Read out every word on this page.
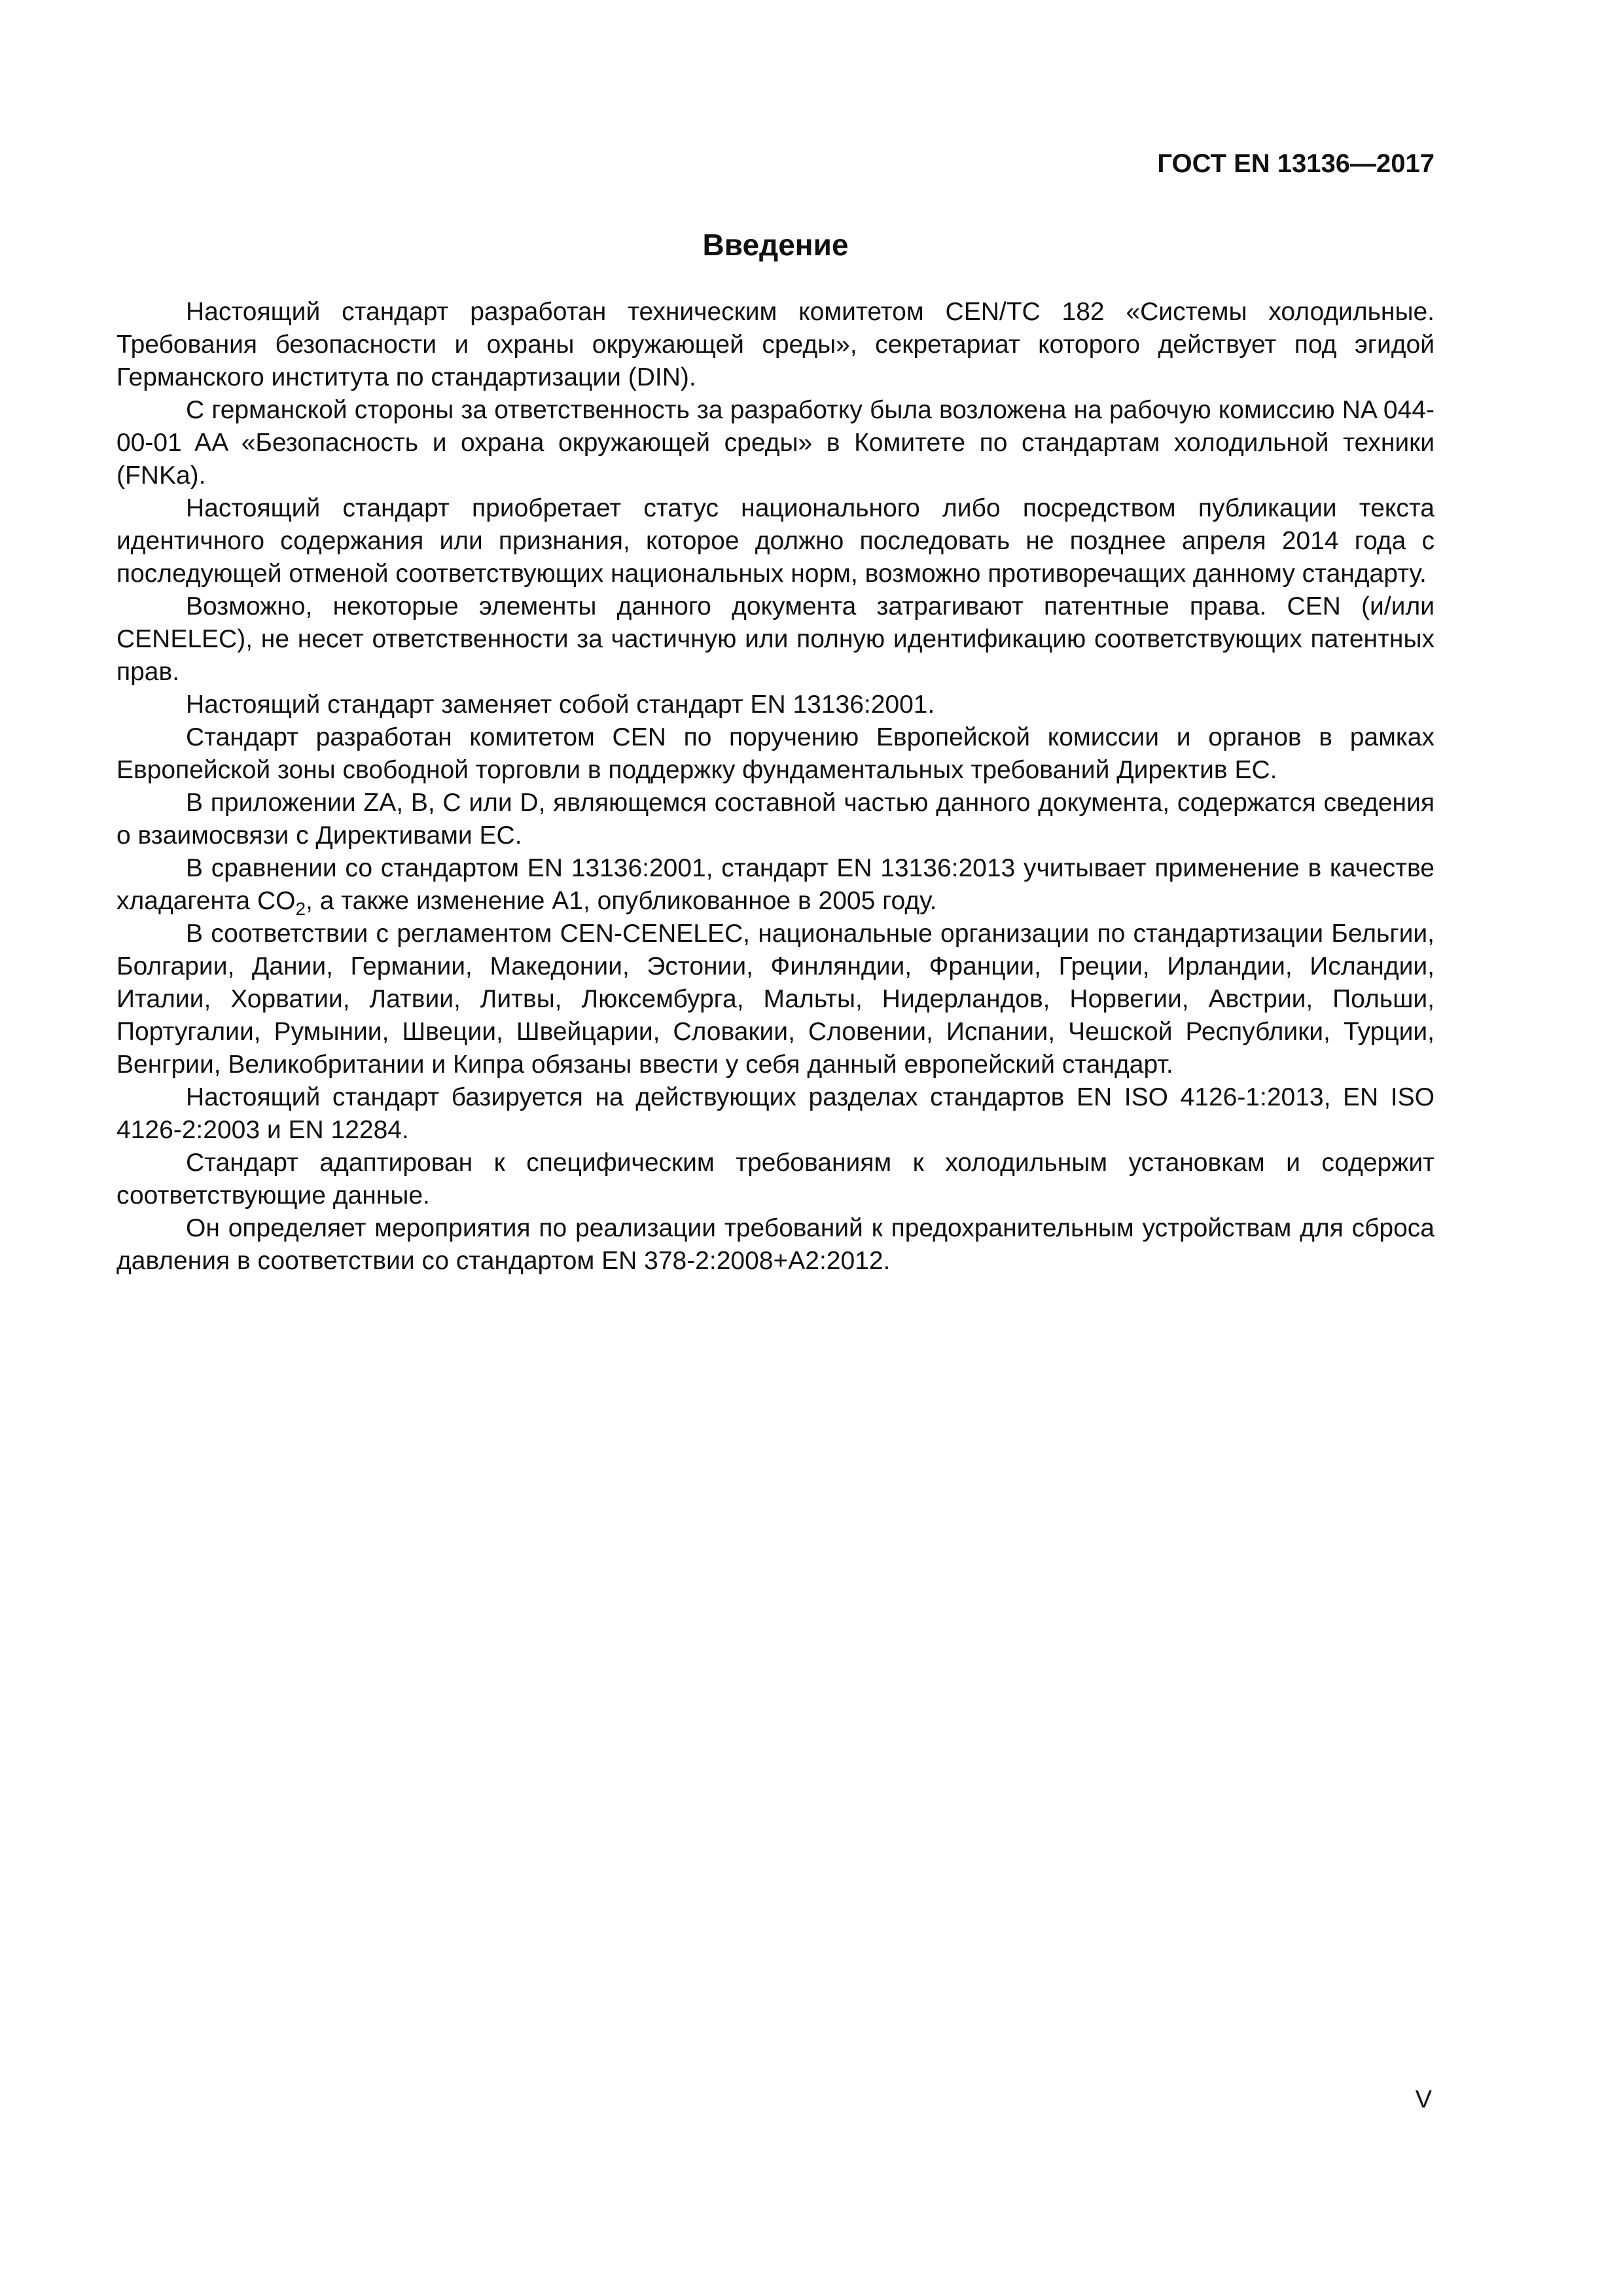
ГОСТ EN 13136—2017
Введение

Настоящий стандарт разработан техническим комитетом CEN/TC 182 «Системы холодильные. Требования безопасности и охраны окружающей среды», секретариат которого действует под эгидой Германского института по стандартизации (DIN).

С германской стороны за ответственность за разработку была возложена на рабочую комиссию NA 044-00-01 AA «Безопасность и охрана окружающей среды» в Комитете по стандартам холодильной техники (FNKa).

Настоящий стандарт приобретает статус национального либо посредством публикации текста идентичного содержания или признания, которое должно последовать не позднее апреля 2014 года с последующей отменой соответствующих национальных норм, возможно противоречащих данному стандарту.

Возможно, некоторые элементы данного документа затрагивают патентные права. CEN (и/или CENELEC), не несет ответственности за частичную или полную идентификацию соответствующих патентных прав.

Настоящий стандарт заменяет собой стандарт EN 13136:2001.

Стандарт разработан комитетом CEN по поручению Европейской комиссии и органов в рамках Европейской зоны свободной торговли в поддержку фундаментальных требований Директив ЕС.

В приложении ZA, B, C или D, являющемся составной частью данного документа, содержатся сведения о взаимосвязи с Директивами ЕС.

В сравнении со стандартом EN 13136:2001, стандарт EN 13136:2013 учитывает применение в качестве хладагента $CO_2$, а также изменение A1, опубликованное в 2005 году.

В соответствии с регламентом CEN-CENELEC, национальные организации по стандартизации Бельгии, Болгарии, Дании, Германии, Македонии, Эстонии, Финляндии, Франции, Греции, Ирландии, Исландии, Италии, Хорватии, Латвии, Литвы, Люксембурга, Мальты, Нидерландов, Норвегии, Австрии, Польши, Португалии, Румынии, Швеции, Швейцарии, Словакии, Словении, Испании, Чешской Республики, Турции, Венгрии, Великобритании и Кипра обязаны ввести у себя данный европейский стандарт.

Настоящий стандарт базируется на действующих разделах стандартов EN ISO 4126-1:2013, EN ISO 4126-2:2003 и EN 12284.

Стандарт адаптирован к специфическим требованиям к холодильным установкам и содержит соответствующие данные.

Он определяет мероприятия по реализации требований к предохранительным устройствам для сброса давления в соответствии со стандартом EN 378-2:2008+A2:2012.

V
